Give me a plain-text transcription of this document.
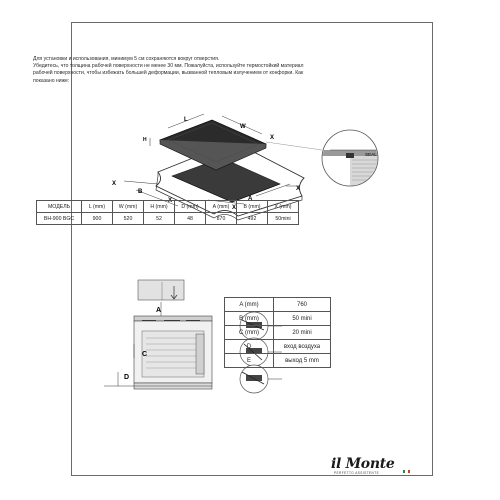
Для установки и использования, минимум 5 см сохраняются вокруг отверстия.

Убедитесь, что толщина рабочей поверхности не менее 30 мм. Пожалуйста, используйте термостойкий материал рабочей поверхности, чтобы избежать большей деформации, вызванной тепловым излучением от конфорки. Как показано ниже:

L
W
H
X
B
X	A
X
X
X
SEAL
МОДЕЛЬ	L (mm)	W (mm)	H (mm)	D (mm)	A (mm)	B (mm)	X (mm)
BH-900 BGC	900	520	52	48	870	492	50mini
A
C
D
A (mm)	760
B (mm)	50 mini
C (mm)	20 mini
D	вход воздуха
E	выход 5 mm
il Monte
PERFETTO ASSISTENTE
